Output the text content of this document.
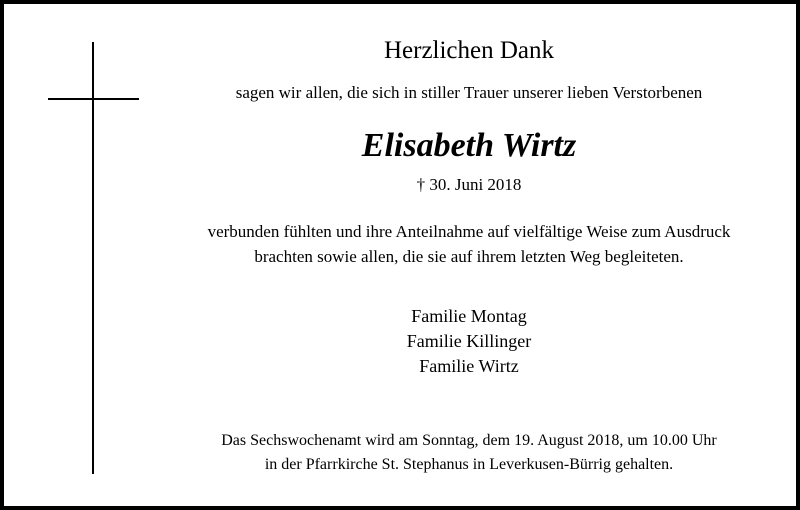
Herzlichen Dank
sagen wir allen, die sich in stiller Trauer unserer lieben Verstorbenen
Elisabeth Wirtz
† 30. Juni 2018
verbunden fühlten und ihre Anteilnahme auf vielfältige Weise zum Ausdruck
brachten sowie allen, die sie auf ihrem letzten Weg begleiteten.
Familie Montag
Familie Killinger
Familie Wirtz
Das Sechswochenamt wird am Sonntag, dem 19. August 2018, um 10.00 Uhr
in der Pfarrkirche St. Stephanus in Leverkusen-Bürrig gehalten.
